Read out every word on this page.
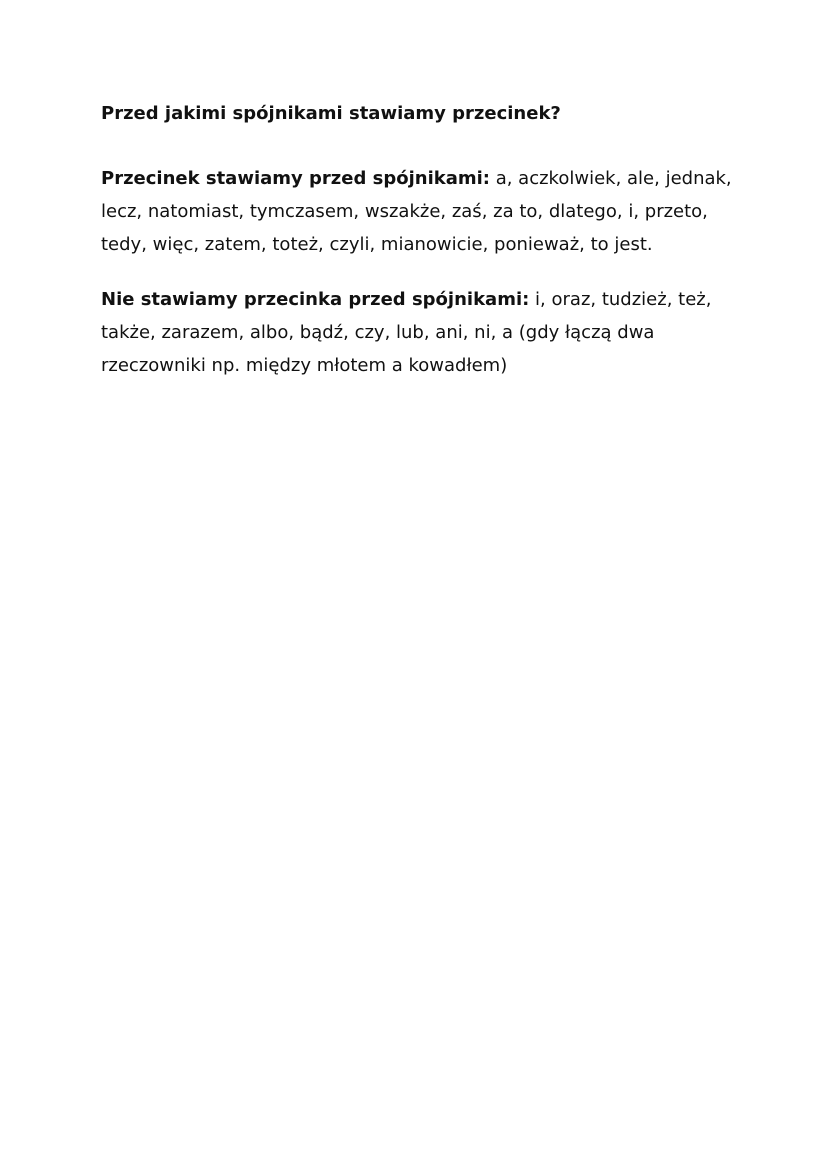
Przed jakimi spójnikami stawiamy przecinek?

Przecinek stawiamy przed spójnikami: a, aczkolwiek, ale, jednak, lecz, natomiast, tymczasem, wszakże, zaś, za to, dlatego, i, przeto, tedy, więc, zatem, toteż, czyli, mianowicie, ponieważ, to jest.

Nie stawiamy przecinka przed spójnikami: i, oraz, tudzież, też, także, zarazem, albo, bądź, czy, lub, ani, ni, a (gdy łączą dwa rzeczowniki np. między młotem a kowadłem)
